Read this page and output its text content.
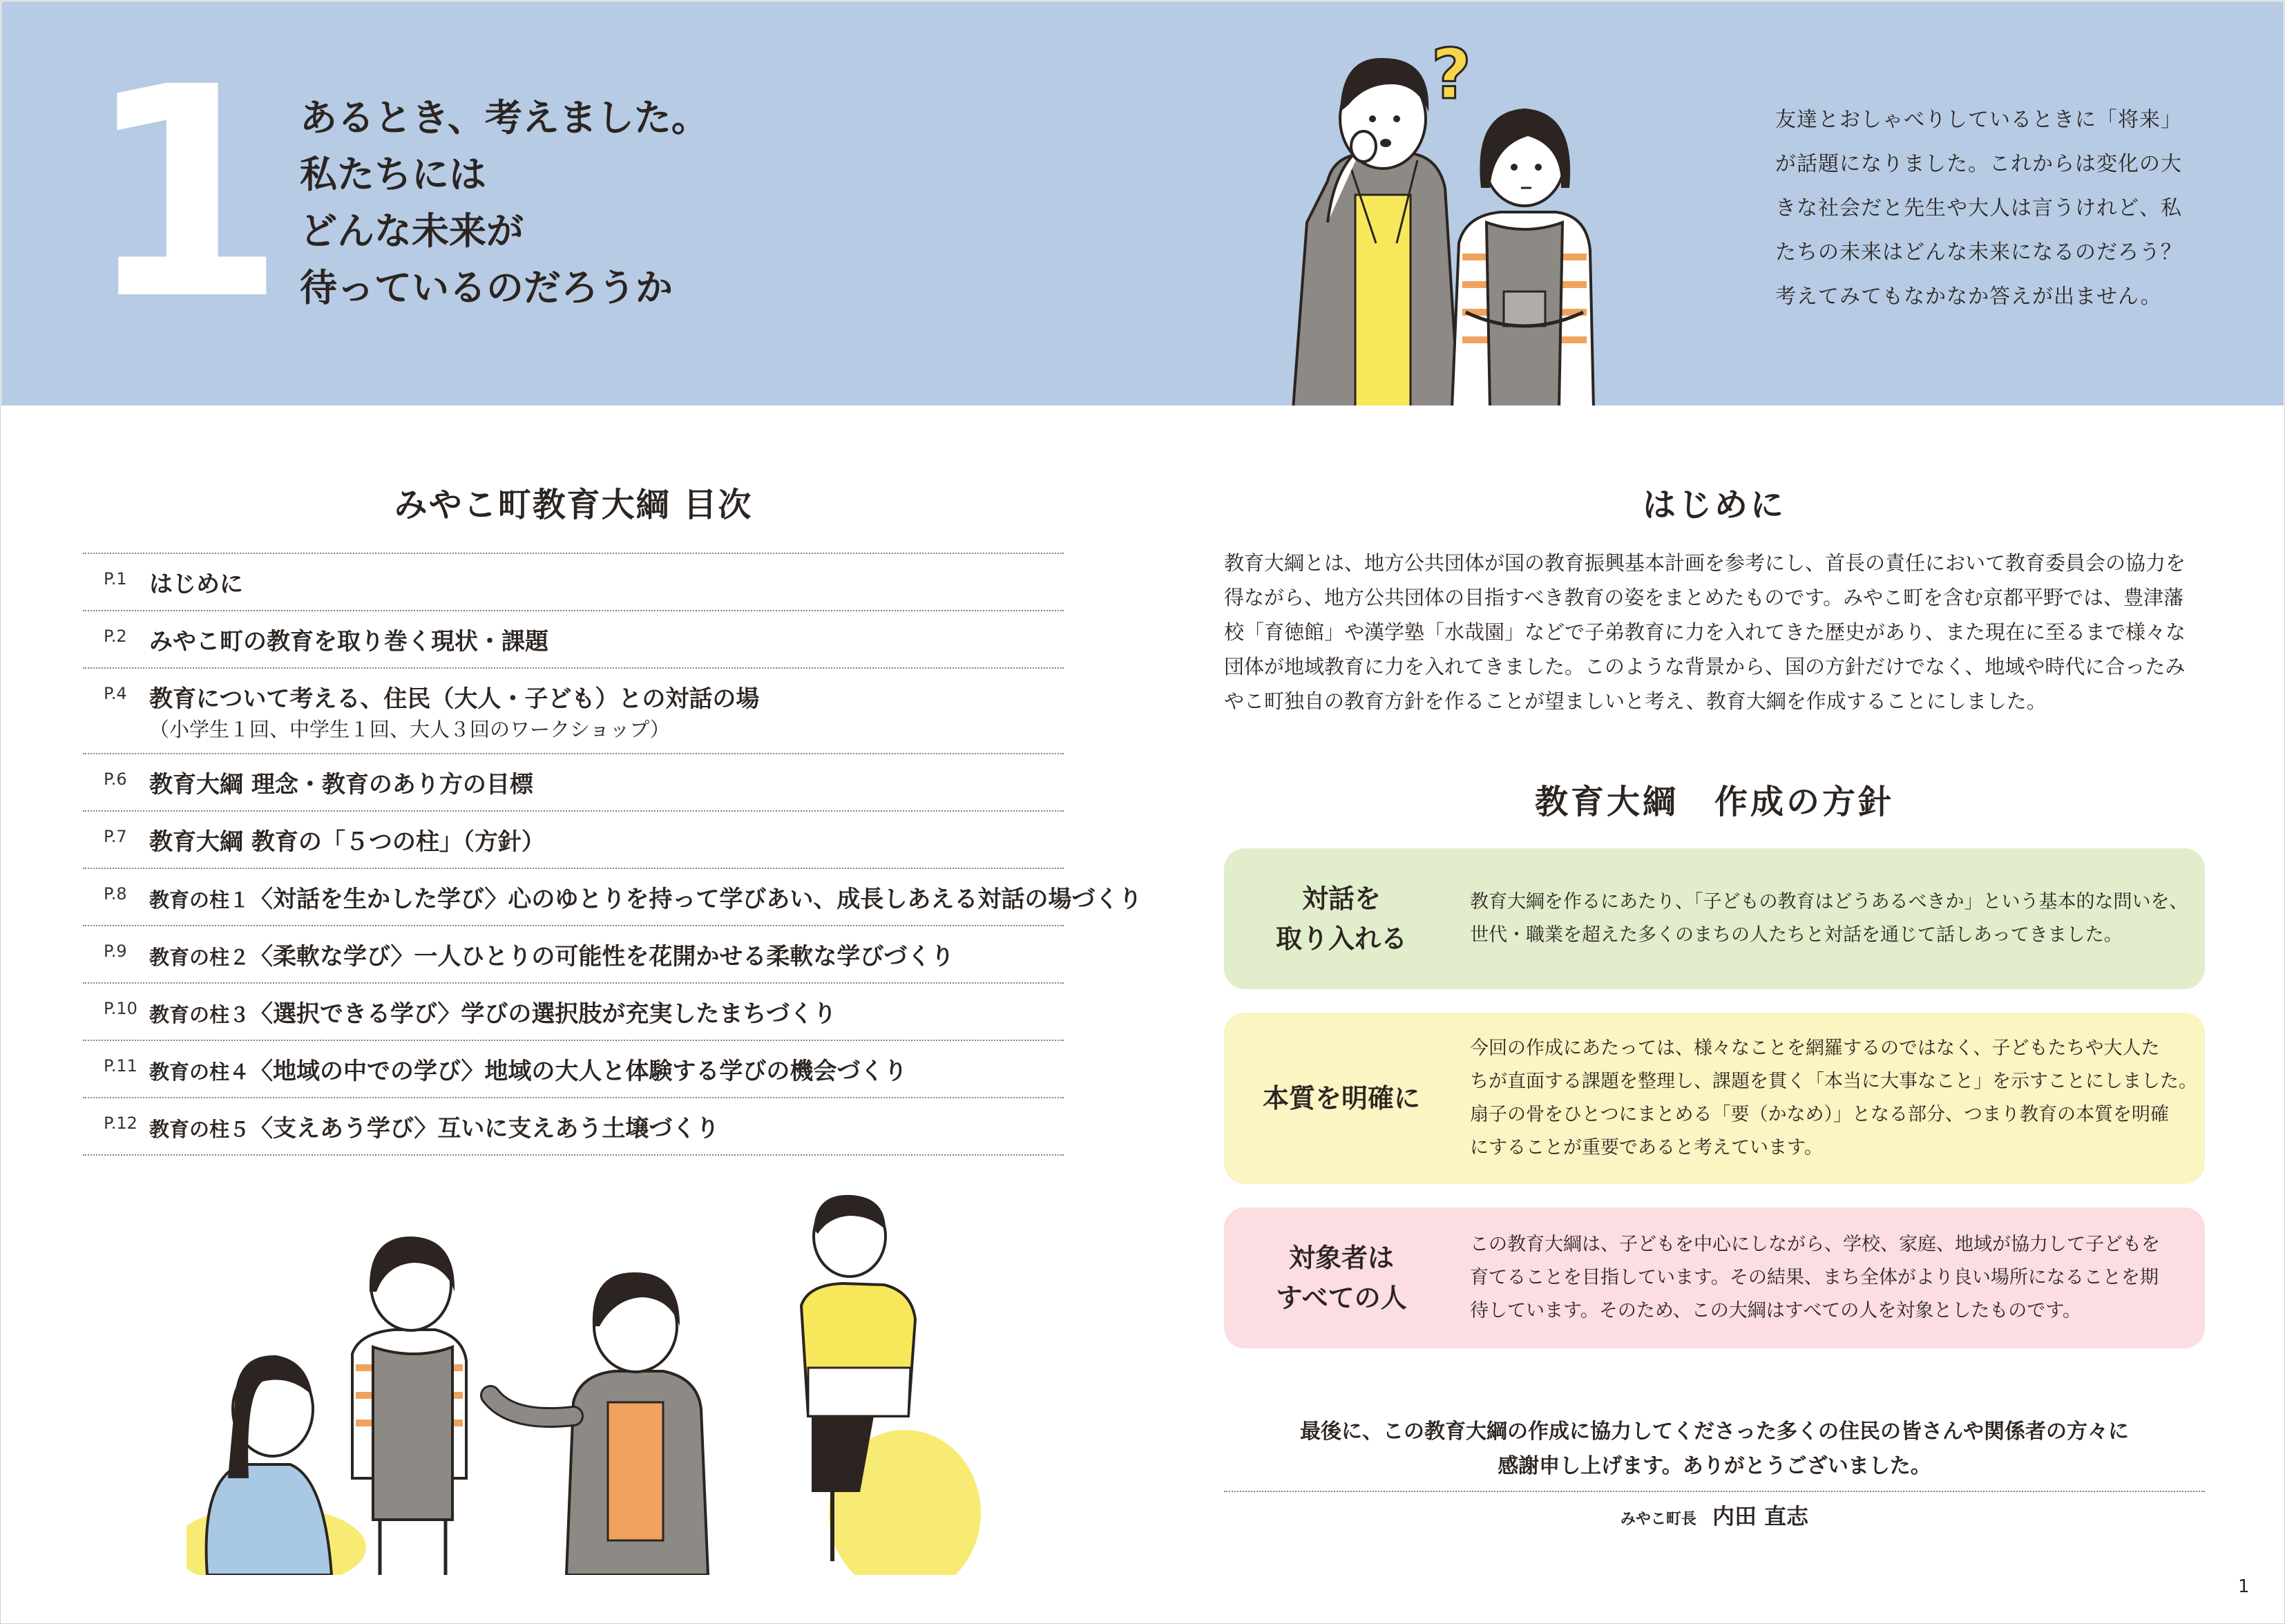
1 あるとき、考えました。
私たちには
どんな未来が
待っているのだろうか
?
友達とおしゃべりしているときに「将来」
が話題になりました。これからは変化の大
きな社会だと先生や大人は言うけれど、私
たちの未来はどんな未来になるのだろう？
考えてみてもなかなか答えが出ません。
みやこ町教育大綱 目次
P.1 はじめに
P.2 みやこ町の教育を取り巻く現状・課題
P.4 教育について考える、住民（大人・子ども）との対話の場
（小学生１回、中学生１回、大人３回のワークショップ）
P.6 教育大綱 理念・教育のあり方の目標
P.7 教育大綱 教育の「５つの柱」（方針）
P.8 教育の柱１〈対話を生かした学び〉心のゆとりを持って学びあい、成長しあえる対話の場づくり
P.9 教育の柱２〈柔軟な学び〉一人ひとりの可能性を花開かせる柔軟な学びづくり
P.10 教育の柱３〈選択できる学び〉学びの選択肢が充実したまちづくり
P.11 教育の柱４〈地域の中での学び〉地域の大人と体験する学びの機会づくり
P.12 教育の柱５〈支えあう学び〉互いに支えあう土壌づくり
はじめに
教育大綱とは、地方公共団体が国の教育振興基本計画を参考にし、首長の責任において教育委員会の協力を
得ながら、地方公共団体の目指すべき教育の姿をまとめたものです。みやこ町を含む京都平野では、豊津藩
校「育徳館」や漢学塾「水哉園」などで子弟教育に力を入れてきた歴史があり、また現在に至るまで様々な
団体が地域教育に力を入れてきました。このような背景から、国の方針だけでなく、地域や時代に合ったみ
やこ町独自の教育方針を作ることが望ましいと考え、教育大綱を作成することにしました。
教育大綱　作成の方針
対話を
取り入れる
教育大綱を作るにあたり、「子どもの教育はどうあるべきか」という基本的な問いを、
世代・職業を超えた多くのまちの人たちと対話を通じて話しあってきました。
本質を明確に
今回の作成にあたっては、様々なことを網羅するのではなく、子どもたちや大人た
ちが直面する課題を整理し、課題を貫く「本当に大事なこと」を示すことにしました。
扇子の骨をひとつにまとめる「要（かなめ）」となる部分、つまり教育の本質を明確
にすることが重要であると考えています。
対象者は
すべての人
この教育大綱は、子どもを中心にしながら、学校、家庭、地域が協力して子どもを
育てることを目指しています。その結果、まち全体がより良い場所になることを期
待しています。そのため、この大綱はすべての人を対象としたものです。
最後に、この教育大綱の作成に協力してくださった多くの住民の皆さんや関係者の方々に
感謝申し上げます。ありがとうございました。
みやこ町長 内田 直志
1
